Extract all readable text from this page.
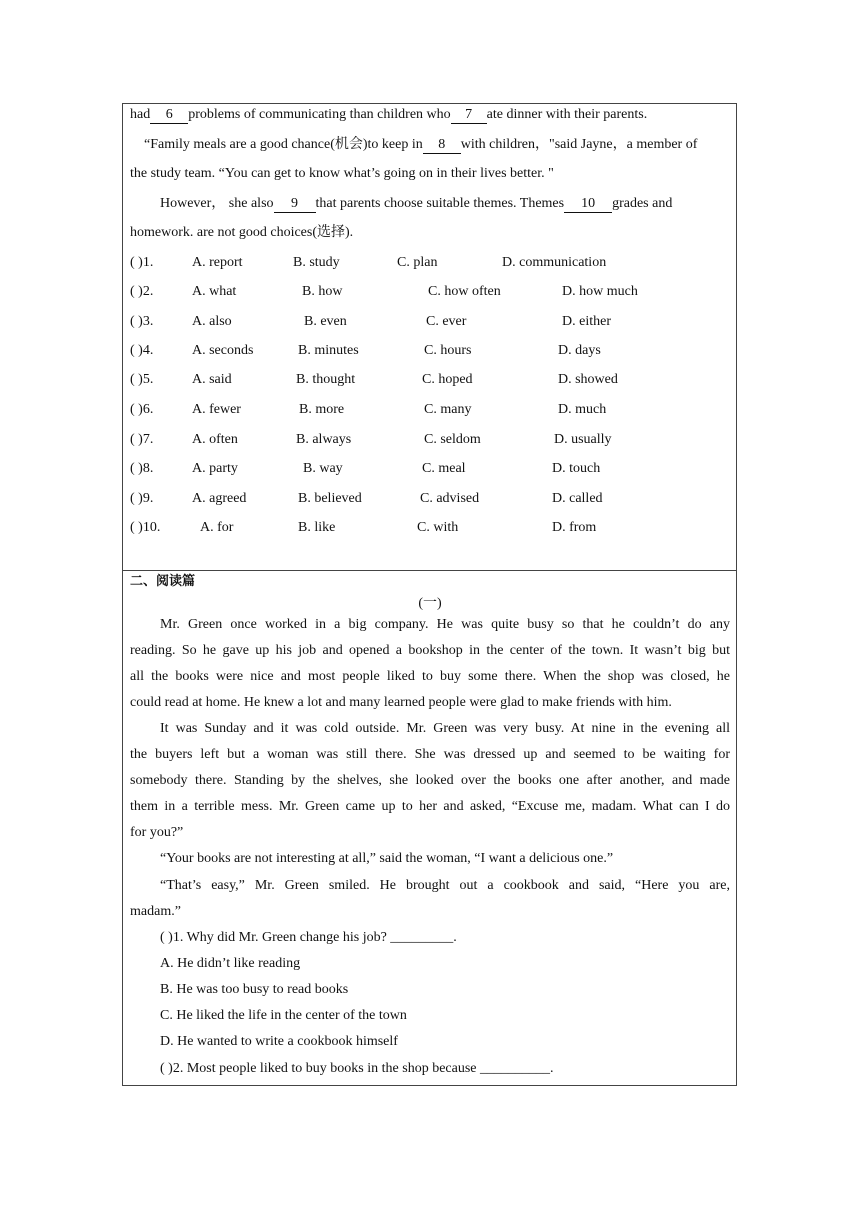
had 6 problems of communicating than children who 7 ate dinner with their parents.
“Family meals are a good chance(机会)to keep in 8 with children，"said Jayne，a member of
the study team. “You can get to know what’s going on in their lives better. "
However， she also 9 that parents choose suitable themes. Themes 10 grades and
homework. are not good choices(选择).
( )1.	A. report	B. study	C. plan	D. communication
( )2.	A. what	B. how	C. how often	D. how much
( )3.	A. also	B. even	C. ever	D. either
( )4.	A. seconds	B. minutes	C. hours	D. days
( )5.	A. said	B. thought	C. hoped	D. showed
( )6.	A. fewer	B. more	C. many	D. much
( )7.	A. often	B. always	C. seldom	D. usually
( )8.	A. party	B. way	C. meal	D. touch
( )9.	A. agreed	B. believed	C. advised	D. called
( )10.	A. for	B. like	C. with	D. from
二、阅读篇
(一)
Mr. Green once worked in a big company. He was quite busy so that he couldn’t do any
reading. So he gave up his job and opened a bookshop in the center of the town. It wasn’t big but
all the books were nice and most people liked to buy some there. When the shop was closed, he
could read at home. He knew a lot and many learned people were glad to make friends with him.
It was Sunday and it was cold outside. Mr. Green was very busy. At nine in the evening all
the buyers left but a woman was still there. She was dressed up and seemed to be waiting for
somebody there. Standing by the shelves, she looked over the books one after another, and made
them in a terrible mess. Mr. Green came up to her and asked, “Excuse me, madam. What can I do
for you?”
“Your books are not interesting at all,” said the woman, “I want a delicious one.”
“That’s easy,” Mr. Green smiled. He brought out a cookbook and said, “Here you are,
madam.”
( )1. Why did Mr. Green change his job? _________.
A. He didn’t like reading
B. He was too busy to read books
C. He liked the life in the center of the town
D. He wanted to write a cookbook himself
( )2. Most people liked to buy books in the shop because __________.
